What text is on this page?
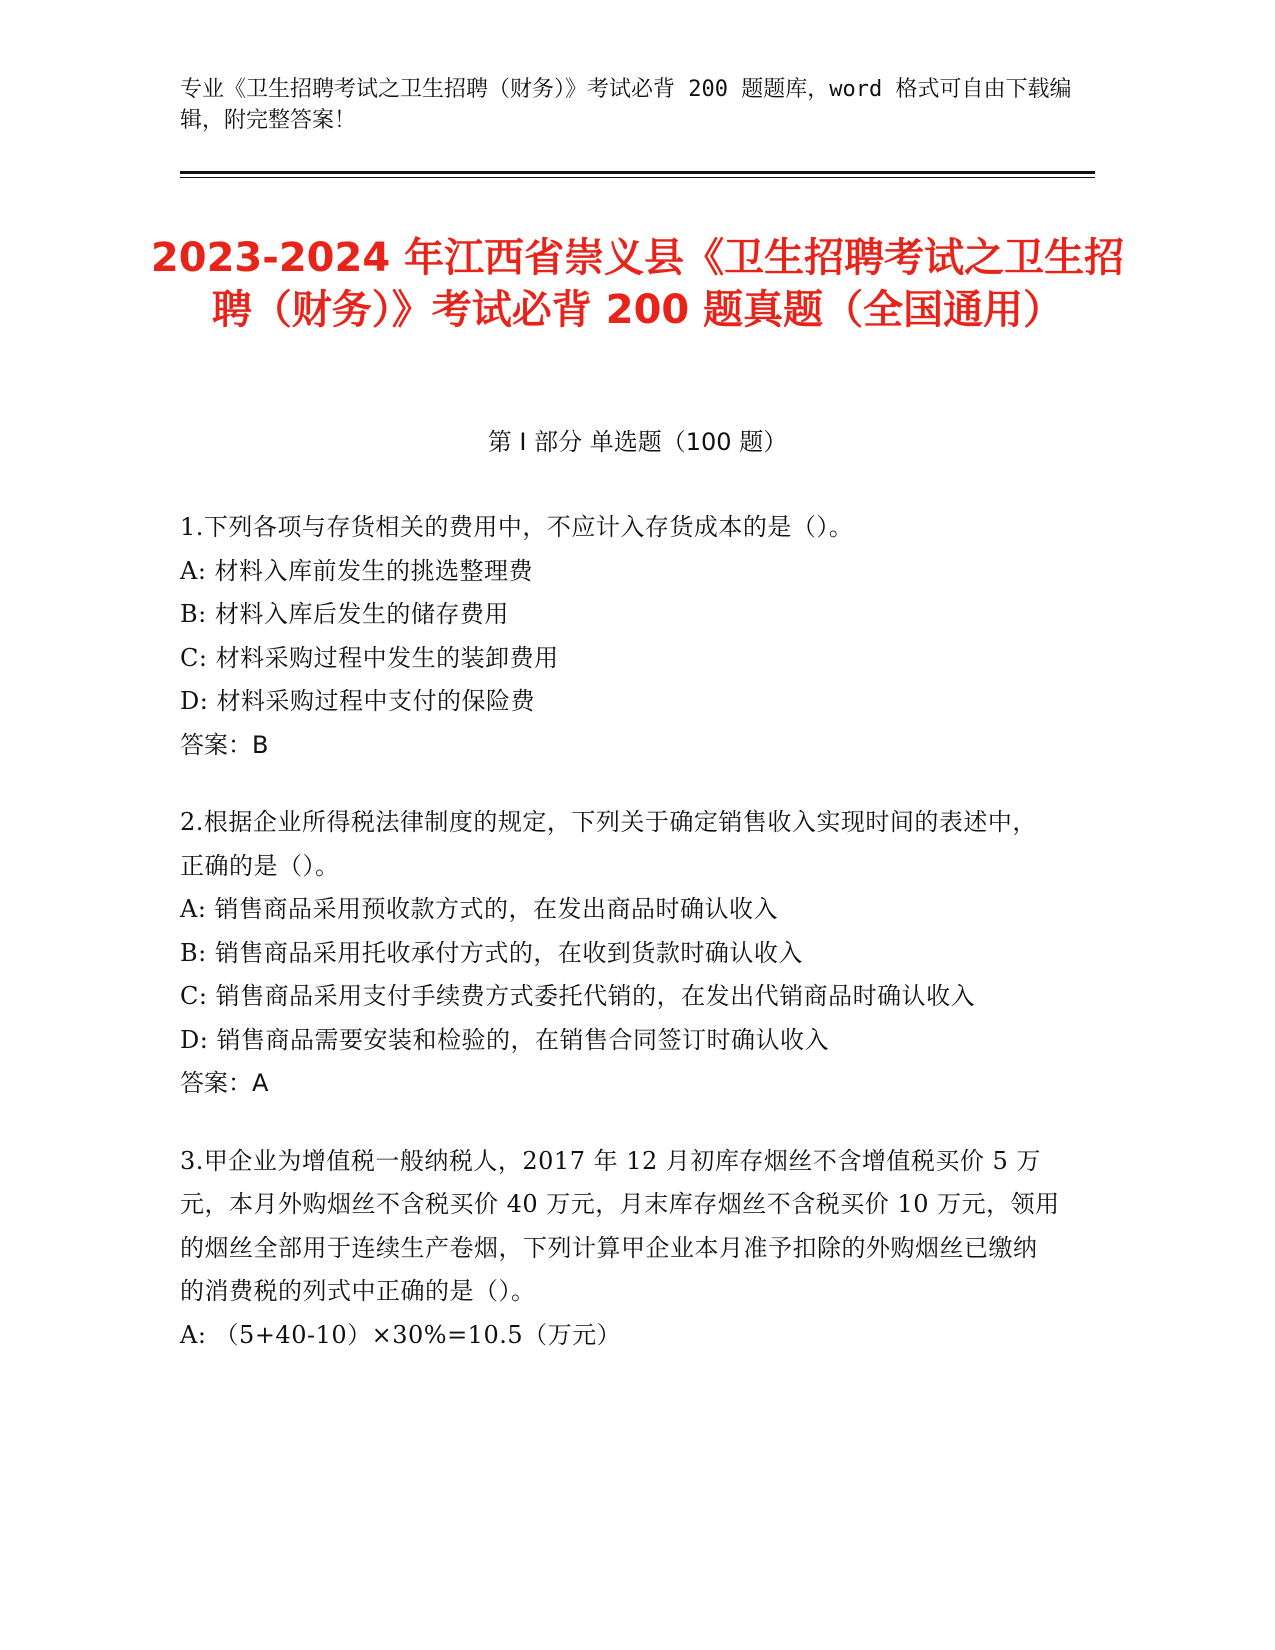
专业《卫生招聘考试之卫生招聘（财务）》考试必背 200 题题库，word 格式可自由下载编辑，附完整答案！
2023-2024 年江西省崇义县《卫生招聘考试之卫生招聘（财务）》考试必背 200 题真题（全国通用）
第 I 部分 单选题（100 题）
1.下列各项与存货相关的费用中，不应计入存货成本的是（）。
A: 材料入库前发生的挑选整理费
B: 材料入库后发生的储存费用
C: 材料采购过程中发生的装卸费用
D: 材料采购过程中支付的保险费
答案：B
2.根据企业所得税法律制度的规定，下列关于确定销售收入实现时间的表述中，正确的是（）。
A: 销售商品采用预收款方式的，在发出商品时确认收入
B: 销售商品采用托收承付方式的，在收到货款时确认收入
C: 销售商品采用支付手续费方式委托代销的，在发出代销商品时确认收入
D: 销售商品需要安装和检验的，在销售合同签订时确认收入
答案：A
3.甲企业为增值税一般纳税人，2017 年 12 月初库存烟丝不含增值税买价 5 万元，本月外购烟丝不含税买价 40 万元，月末库存烟丝不含税买价 10 万元，领用的烟丝全部用于连续生产卷烟，下列计算甲企业本月准予扣除的外购烟丝已缴纳的消费税的列式中正确的是（）。
A: （5+40-10）×30%=10.5（万元）
